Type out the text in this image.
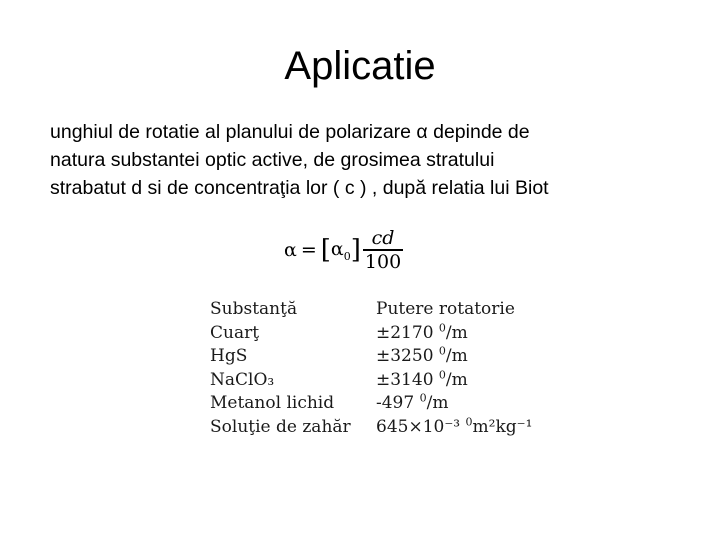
Aplicatie
unghiul de rotatie al planului de polarizare α depinde de
natura substantei optic active, de grosimea stratului
strabatut d si de concentraţia lor ( c ) , după relatia lui Biot
α = [ $\alpha_0$ ] $\frac{cd}{100}$
Substanţă	Putere rotatorie
Cuarţ	±2170 $^0$/m
HgS	±3250 $^0$/m
NaClO₃	±3140 $^0$/m
Metanol lichid	-497 $^0$/m
Soluţie de zahăr	645×10⁻³ $^0$m²kg⁻¹
